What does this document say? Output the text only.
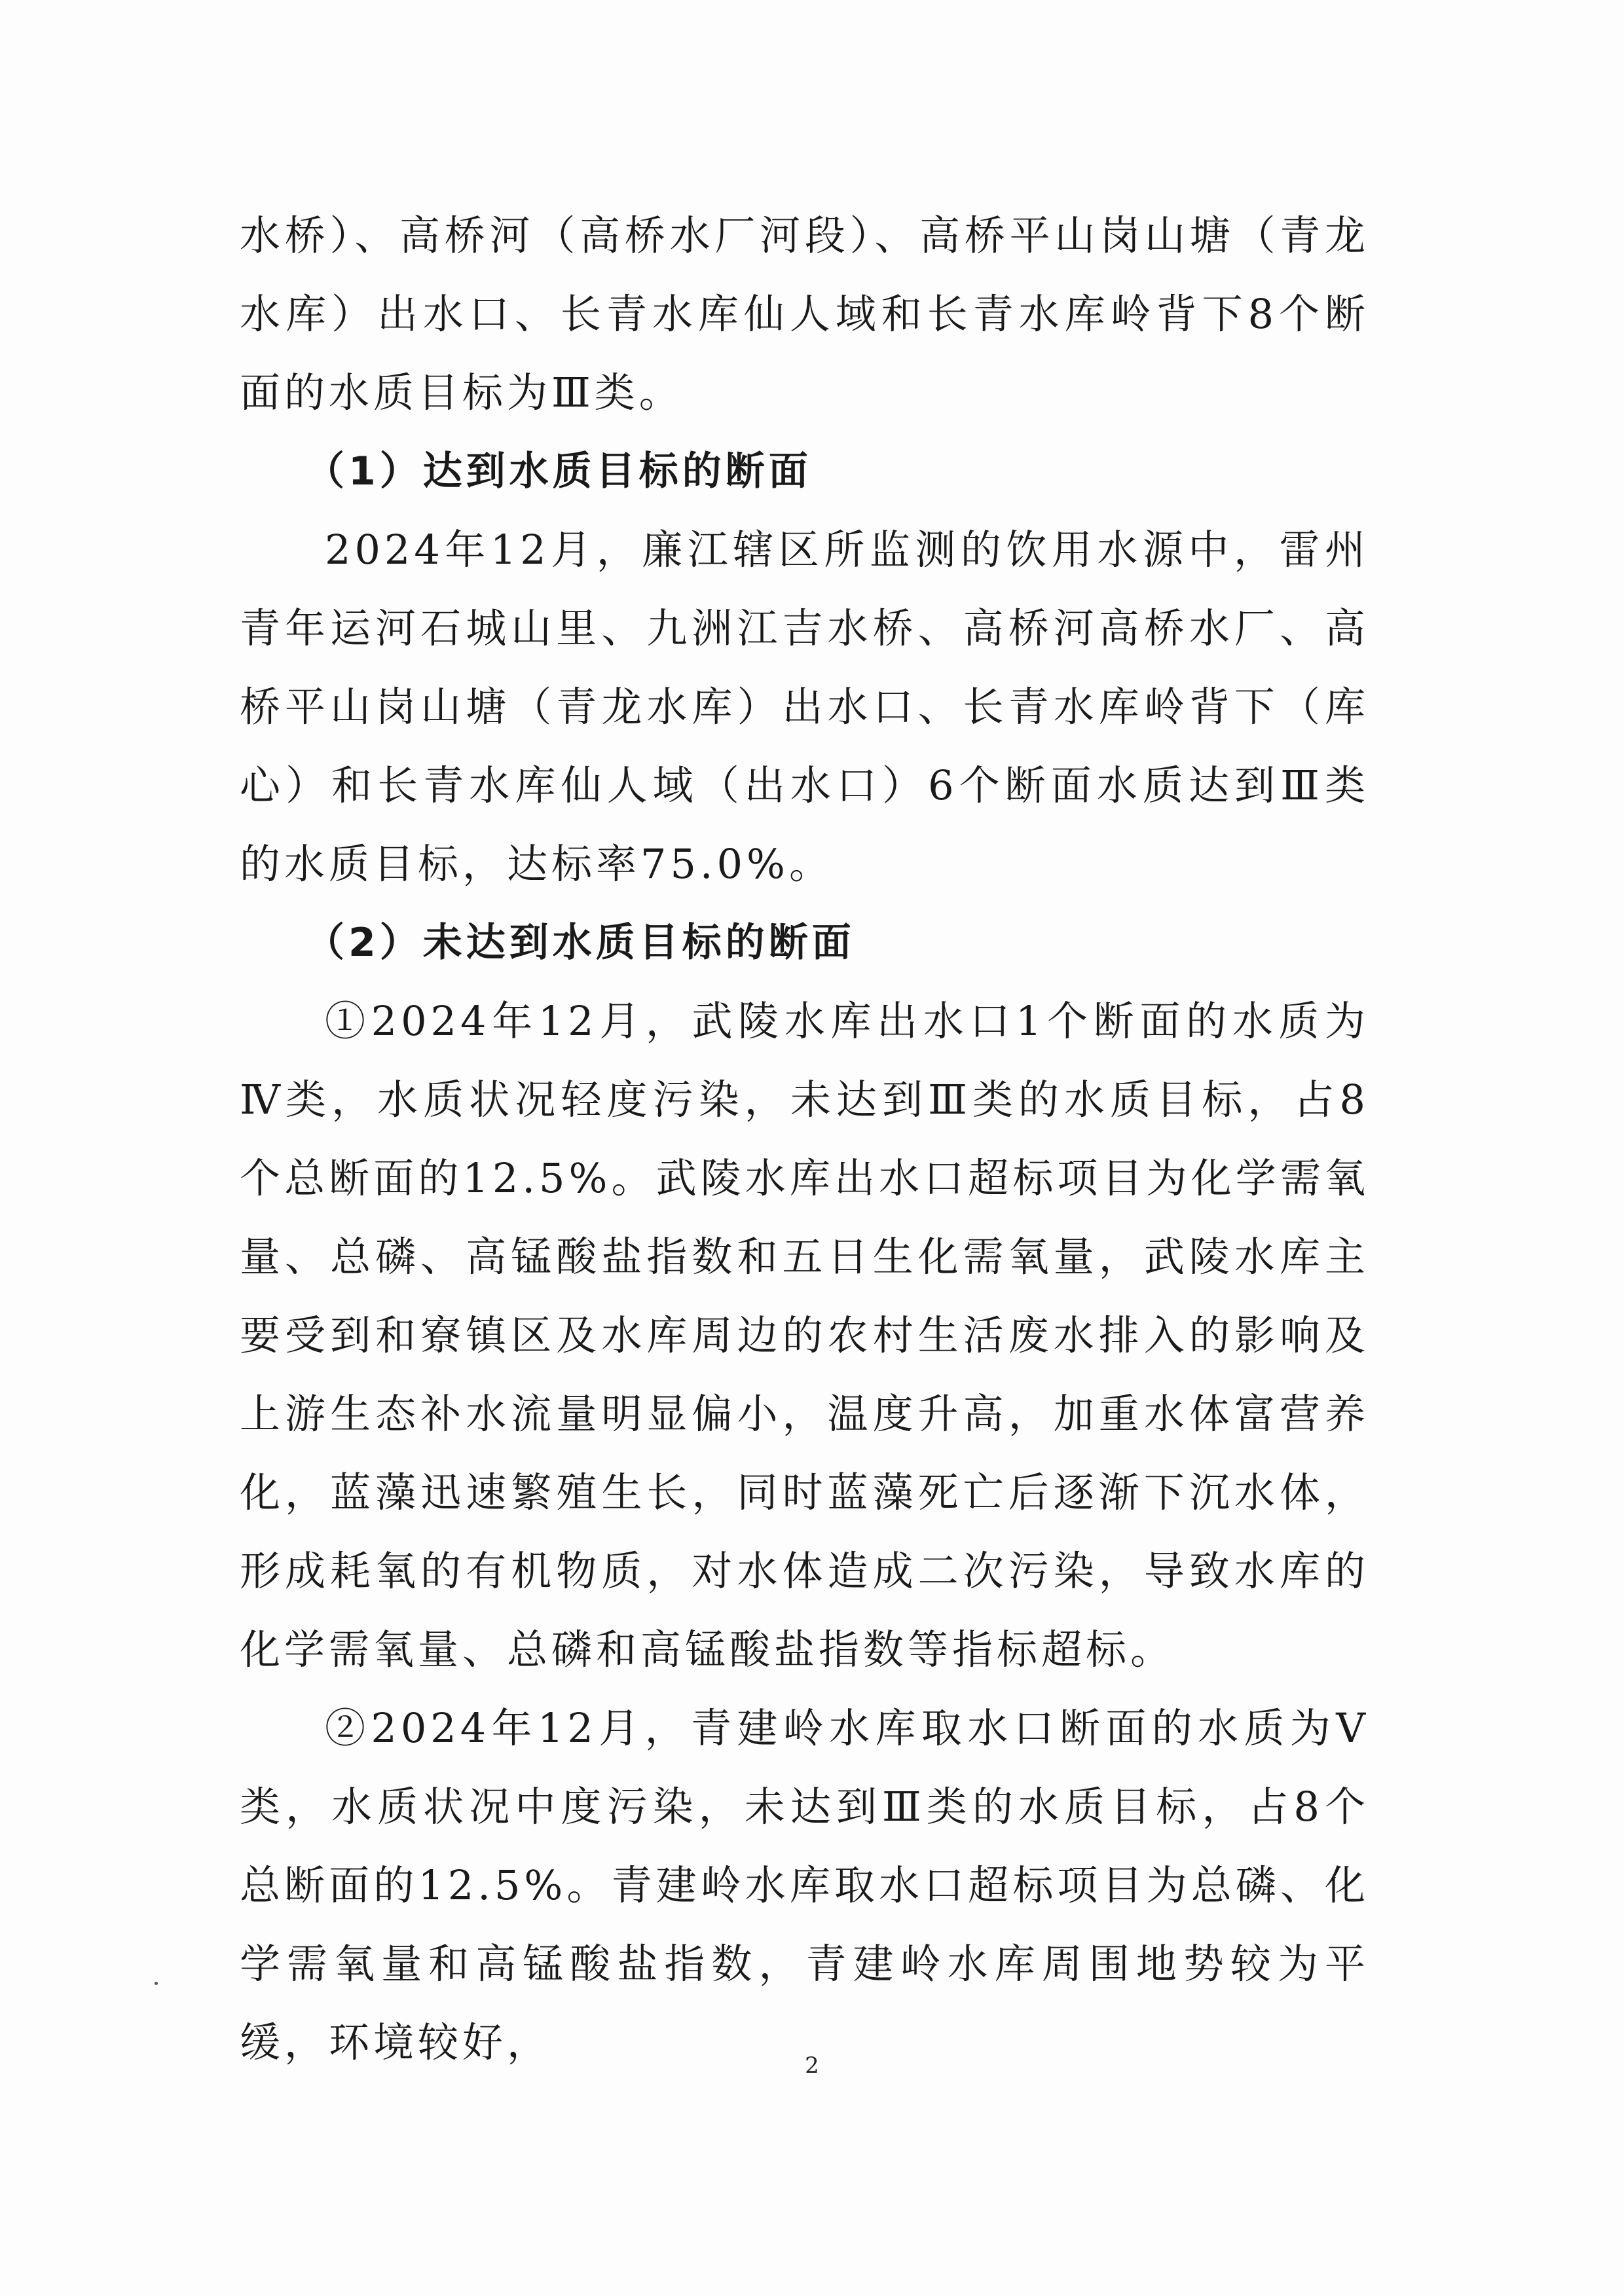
水桥）、高桥河（高桥水厂河段）、高桥平山岗山塘（青龙水库）出水口、长青水库仙人域和长青水库岭背下8个断面的水质目标为Ⅲ类。

（1）达到水质目标的断面

2024年12月，廉江辖区所监测的饮用水源中，雷州青年运河石城山里、九洲江吉水桥、高桥河高桥水厂、高桥平山岗山塘（青龙水库）出水口、长青水库岭背下（库心）和长青水库仙人域（出水口）6个断面水质达到Ⅲ类的水质目标，达标率75.0%。

（2）未达到水质目标的断面

①2024年12月，武陵水库出水口1个断面的水质为Ⅳ类，水质状况轻度污染，未达到Ⅲ类的水质目标，占8个总断面的12.5%。武陵水库出水口超标项目为化学需氧量、总磷、高锰酸盐指数和五日生化需氧量，武陵水库主要受到和寮镇区及水库周边的农村生活废水排入的影响及上游生态补水流量明显偏小，温度升高，加重水体富营养化，蓝藻迅速繁殖生长，同时蓝藻死亡后逐渐下沉水体，形成耗氧的有机物质，对水体造成二次污染，导致水库的化学需氧量、总磷和高锰酸盐指数等指标超标。

②2024年12月，青建岭水库取水口断面的水质为Ⅴ类，水质状况中度污染，未达到Ⅲ类的水质目标，占8个总断面的12.5%。青建岭水库取水口超标项目为总磷、化学需氧量和高锰酸盐指数，青建岭水库周围地势较为平缓，环境较好，	2
